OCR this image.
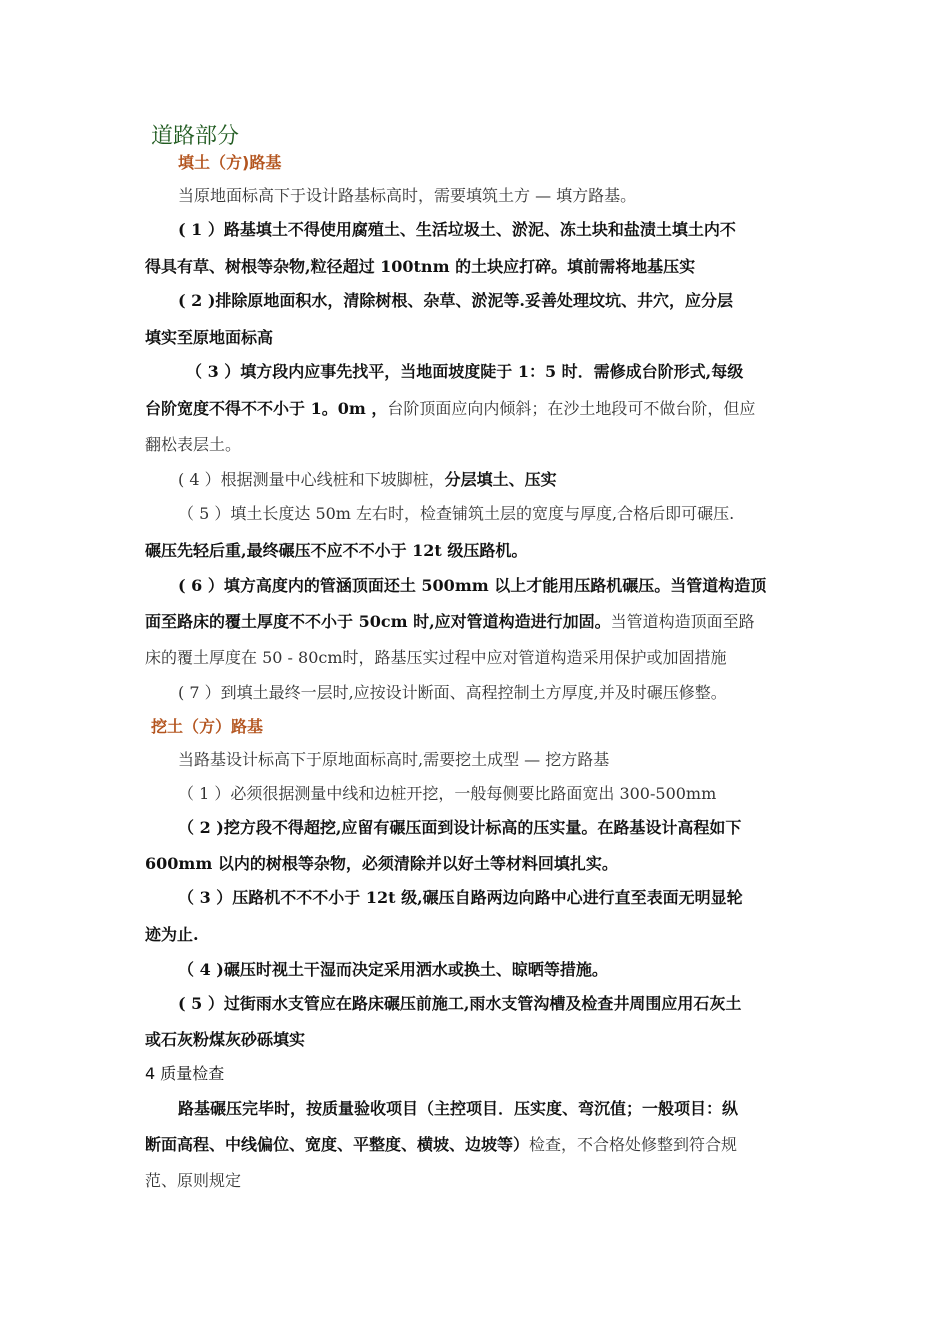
道路部分
填土（方)路基
当原地面标高下于设计路基标高时，需要填筑土方 — 填方路基。
( 1 ）路基填土不得使用腐殖土、生活垃圾土、淤泥、冻土块和盐渍土填土内不
得具有草、树根等杂物,粒径超过 100tnm 的土块应打碎。填前需将地基压实
( 2 )排除原地面积水，清除树根、杂草、淤泥等.妥善处理坟坑、井穴，应分层
填实至原地面标高
（ 3 ）填方段内应事先找平，当地面坡度陡于 1：5 时．需修成台阶形式,每级
台阶宽度不得不不小于 1。0m ，台阶顶面应向内倾斜；在沙土地段可不做台阶，但应
翻松表层土。
( 4 ）根据测量中心线桩和下坡脚桩，分层填土、压实
（ 5 ）填土长度达 50m 左右时，检查铺筑土层的宽度与厚度,合格后即可碾压.
碾压先轻后重,最终碾压不应不不小于 12t 级压路机。
( 6 ）填方高度内的管涵顶面还土 500mm 以上才能用压路机碾压。当管道构造顶
面至路床的覆土厚度不不小于 50cm 时,应对管道构造进行加固。当管道构造顶面至路
床的覆土厚度在 50 - 80cm时，路基压实过程中应对管道构造采用保护或加固措施
( 7 ）到填土最终一层时,应按设计断面、高程控制土方厚度,并及时碾压修整。
挖土（方）路基
当路基设计标高下于原地面标高时,需要挖土成型 — 挖方路基
（ 1 ）必须很据测量中线和边桩开挖，一般每侧要比路面宽出 300-500mm
（ 2 )挖方段不得超挖,应留有碾压面到设计标高的压实量。在路基设计高程如下
600mm 以内的树根等杂物，必须清除并以好土等材料回填扎实。
（ 3 ）压路机不不不小于 12t 级,碾压自路两边向路中心进行直至表面无明显轮
迹为止.
（ 4 )碾压时视土干湿而决定采用洒水或换土、晾晒等措施。
( 5 ）过街雨水支管应在路床碾压前施工,雨水支管沟槽及检查井周围应用石灰土
或石灰粉煤灰砂砾填实
4 质量检查
路基碾压完毕时，按质量验收项目（主控项目．压实度、弯沉值；一般项目：纵
断面高程、中线偏位、宽度、平整度、横坡、边坡等）检查，不合格处修整到符合规
范、原则规定
